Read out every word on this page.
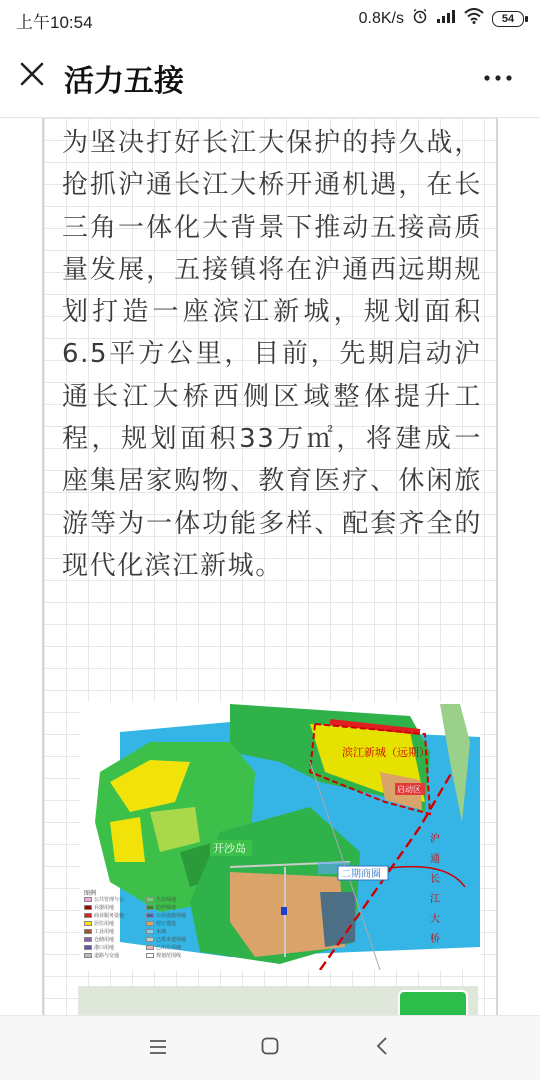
上午10:54	0.8K/s	54
活力五接

为坚决打好长江大保护的持久战，抢抓沪通长江大桥开通机遇，在长三角一体化大背景下推动五接高质量发展，五接镇将在沪通西远期规划打造一座滨江新城，规划面积6.5平方公里，目前，先期启动沪通长江大桥西侧区域整体提升工程，规划面积33万㎡，将建成一座集居家购物、教育医疗、休闲旅游等为一体功能多样、配套齐全的现代化滨江新城。

滨江新城（远期）
启动区
开沙岛
二期商圈
沪通长江大桥
图例
公共管理与公	生态绿地
兵器用地	防护绿地
商业服务设施	公用设施用地
居住用地	村庄建设
工业用地	水域
仓储用地	已批未建用地
港口用地	已出让用地
道路与交通	规划范围线
